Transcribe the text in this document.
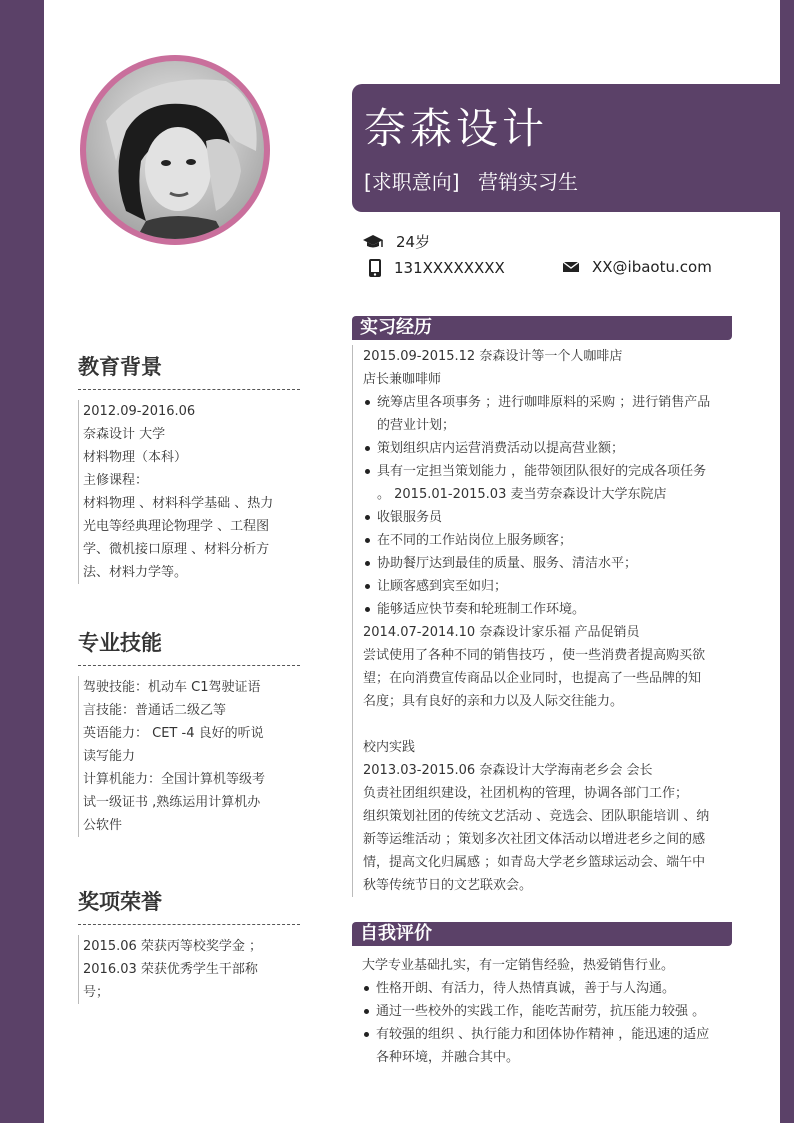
奈森设计
[求职意向] 营销实习生
24岁
131XXXXXXXX	XX@ibaotu.com
教育背景
2012.09-2016.06
奈森设计 大学
材料物理（本科）
主修课程：
材料物理 、材料科学基础 、热力
光电等经典理论物理学 、工程图
学、微机接口原理 、材料分析方
法、材料力学等。
专业技能
驾驶技能：机动车 C1驾驶证语
言技能：普通话二级乙等
英语能力： CET -4 良好的听说
读写能力
计算机能力：全国计算机等级考
试一级证书 ,熟练运用计算机办
公软件
奖项荣誉
2015.06 荣获丙等校奖学金 ；
2016.03 荣获优秀学生干部称
号；
实习经历
2015.09-2015.12 奈森设计等一个人咖啡店
店长兼咖啡师
统筹店里各项事务 ；进行咖啡原料的采购 ；进行销售产品
的营业计划；
策划组织店内运营消费活动以提高营业额；
具有一定担当策划能力 ，能带领团队很好的完成各项任务
。 2015.01-2015.03 麦当劳奈森设计大学东院店
收银服务员
在不同的工作站岗位上服务顾客；
协助餐厅达到最佳的质量、服务、清洁水平；
让顾客感到宾至如归；
能够适应快节奏和轮班制工作环境。
2014.07-2014.10 奈森设计家乐福 产品促销员
尝试使用了各种不同的销售技巧 ，使一些消费者提高购买欲
望；在向消费宣传商品以企业同时，也提高了一些品牌的知
名度；具有良好的亲和力以及人际交往能力。
校内实践
2013.03-2015.06 奈森设计大学海南老乡会 会长
负责社团组织建设，社团机构的管理，协调各部门工作；
组织策划社团的传统文艺活动 、竞选会、团队职能培训 、纳
新等运维活动 ；策划多次社团文体活动以增进老乡之间的感
情，提高文化归属感 ；如青岛大学老乡篮球运动会、端午中
秋等传统节日的文艺联欢会。
自我评价
大学专业基础扎实，有一定销售经验，热爱销售行业。
性格开朗、有活力，待人热情真诚，善于与人沟通。
通过一些校外的实践工作，能吃苦耐劳，抗压能力较强 。
有较强的组织 、执行能力和团体协作精神 ，能迅速的适应
各种环境，并融合其中。
